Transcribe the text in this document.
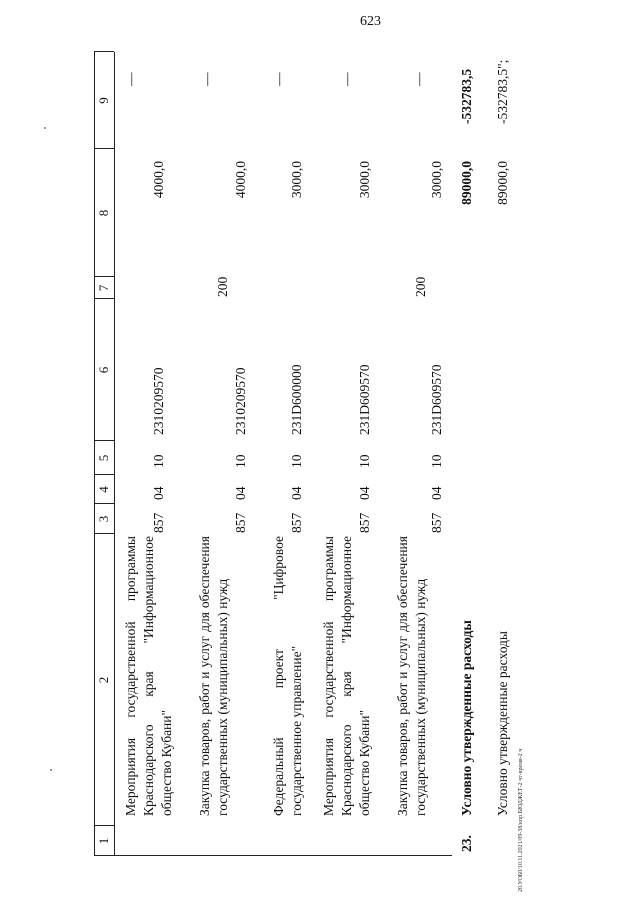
623
20.УОБ0/10.11.2021/09-38/кпр БЮДЖЕТ-2 чт-время-2 ч
1
2
3
4
5
6
7
8
9
Мероприятия государственной программы Краснодарского края "Информационное общество Кубани"
857
04
10
2310209570
4000,0
—
Закупка товаров, работ и услуг для обеспечения государственных (муниципальных) нужд
857
04
10
2310209570
200
4000,0
—
Федеральный проект "Цифровое государственное управление"
857
04
10
231D600000
3000,0
—
Мероприятия государственной программы Краснодарского края "Информационное общество Кубани"
857
04
10
231D609570
3000,0
—
Закупка товаров, работ и услуг для обеспечения государственных (муниципальных) нужд
857
04
10
231D609570
200
3000,0
—
23.
Условно утвержденные расходы
89000,0
-532783,5
Условно утвержденные расходы
89000,0
-532783,5";
